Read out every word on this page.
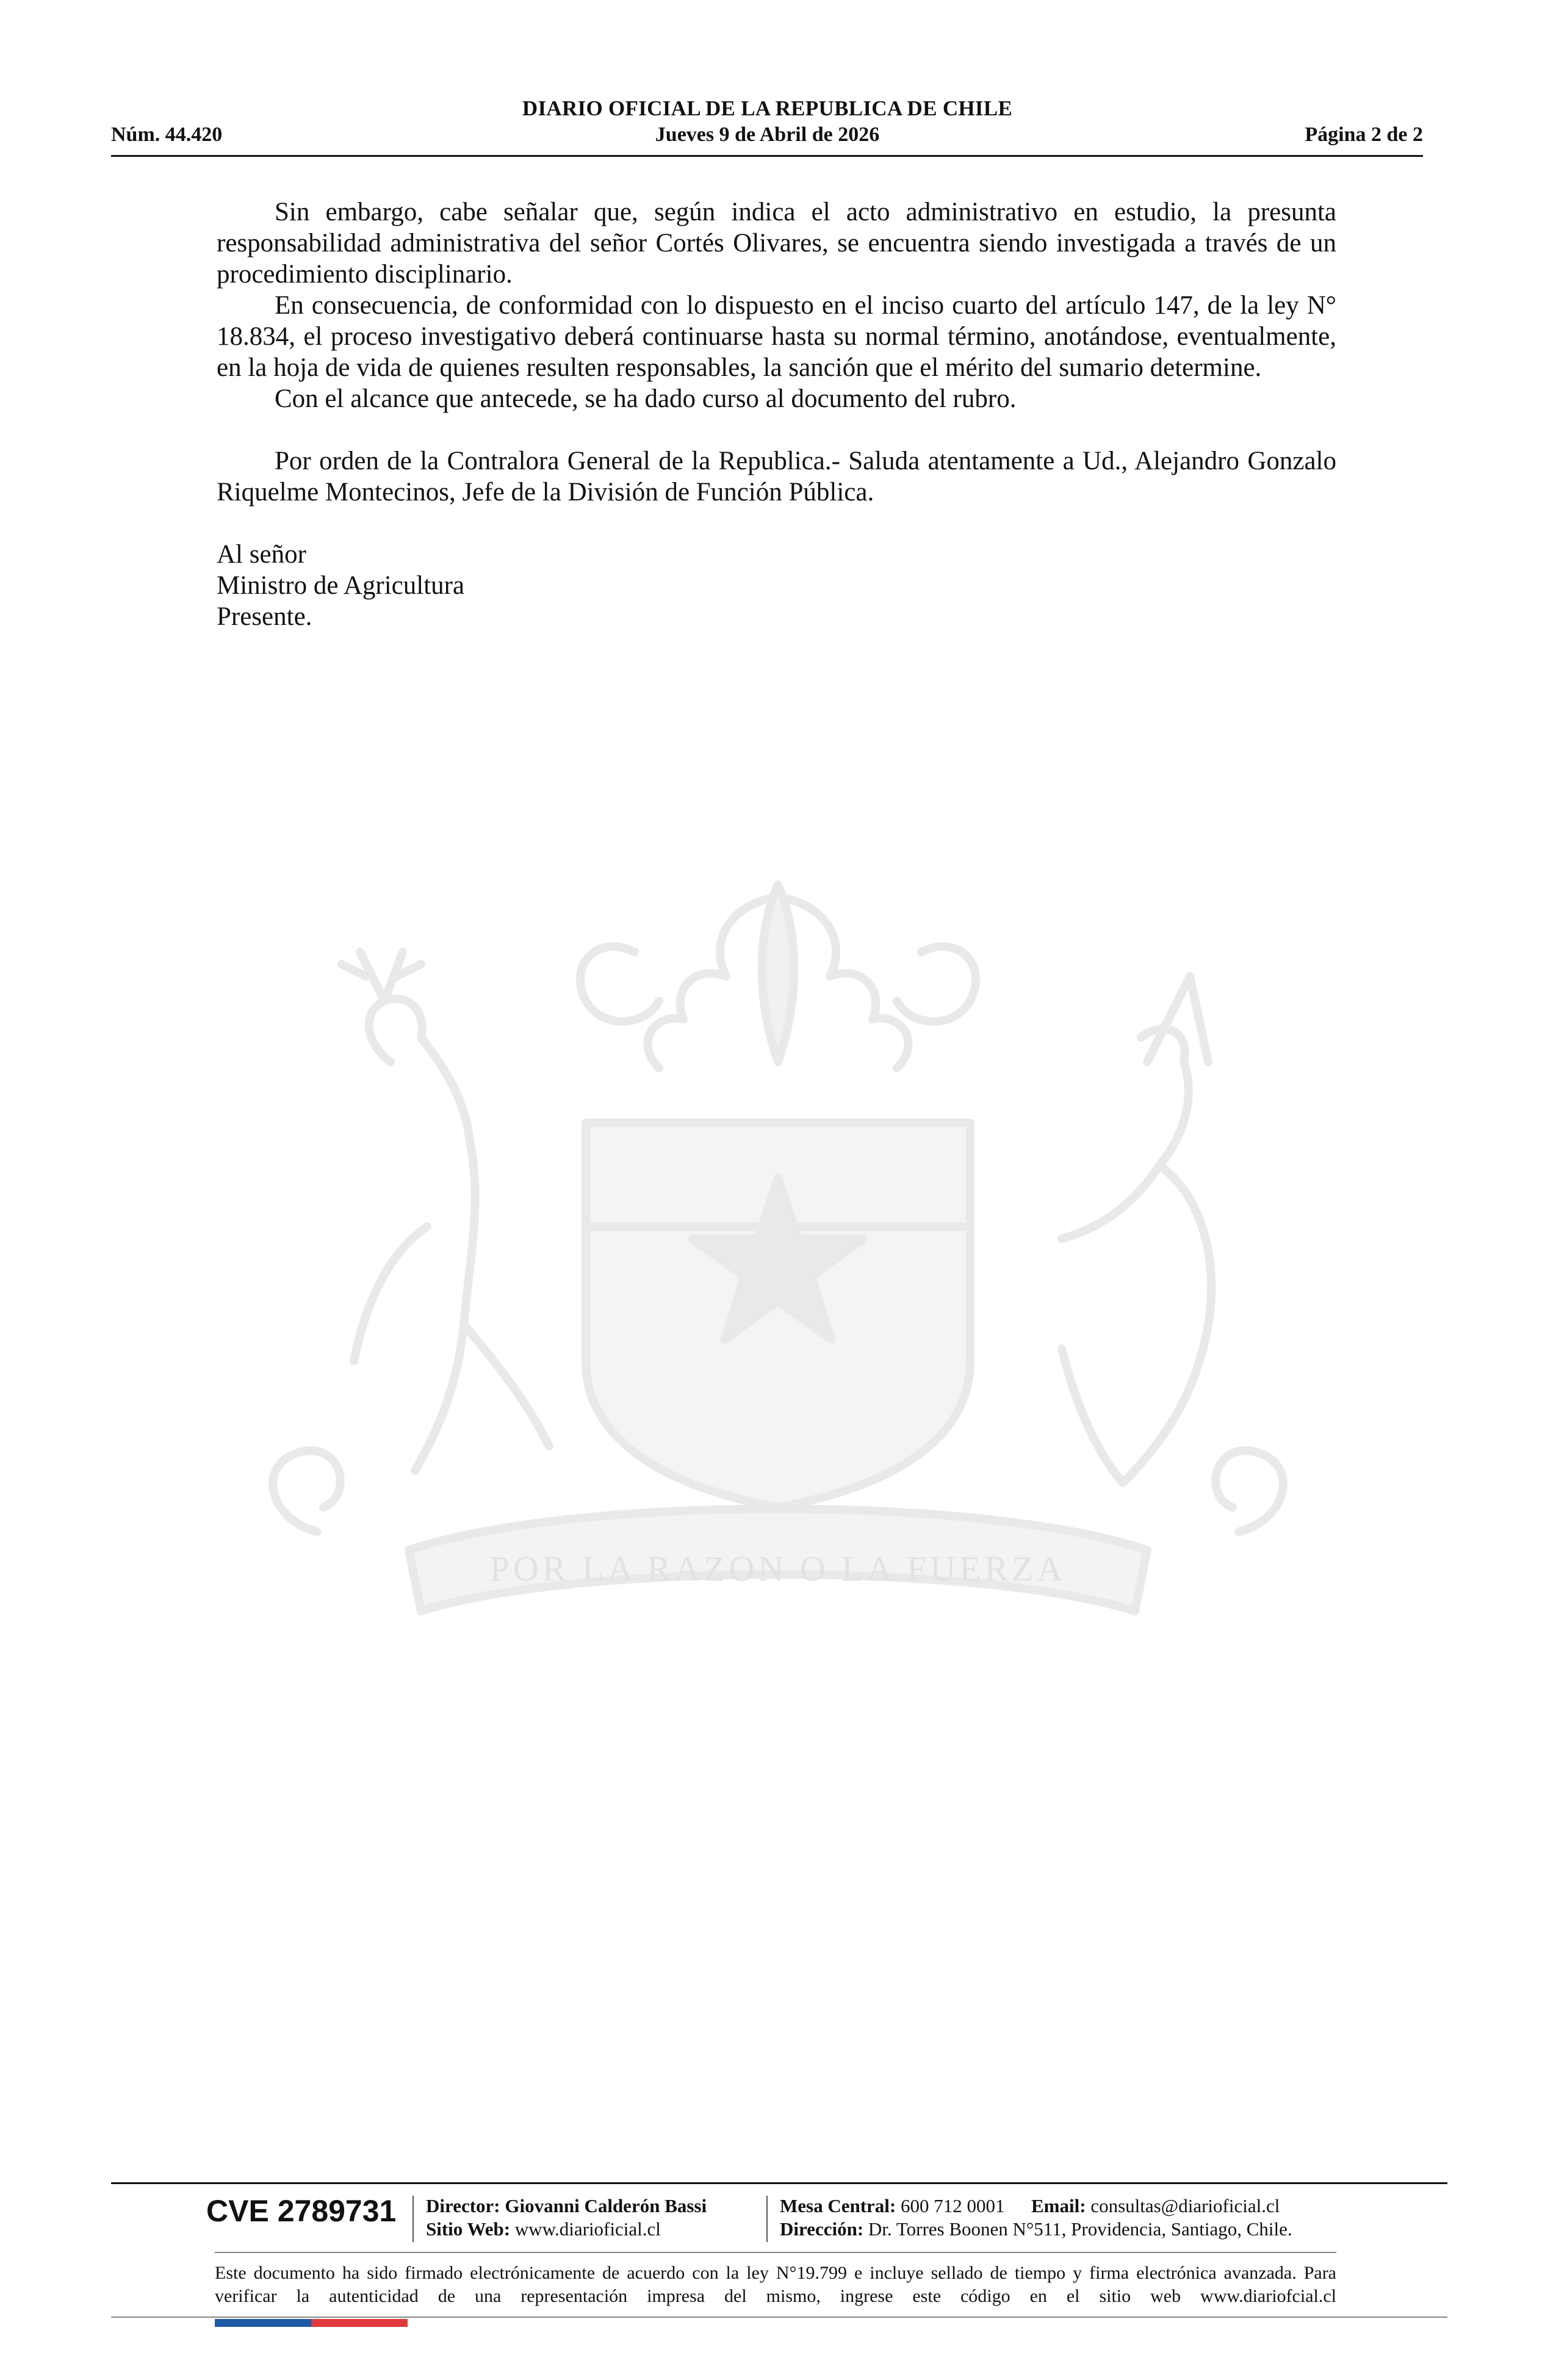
DIARIO OFICIAL DE LA REPUBLICA DE CHILE
Núm. 44.420	Página 2 de 2
Jueves 9 de Abril de 2026

Sin embargo, cabe señalar que, según indica el acto administrativo en estudio, la presunta responsabilidad administrativa del señor Cortés Olivares, se encuentra siendo investigada a través de un procedimiento disciplinario.

En consecuencia, de conformidad con lo dispuesto en el inciso cuarto del artículo 147, de la ley N° 18.834, el proceso investigativo deberá continuarse hasta su normal término, anotándose, eventualmente, en la hoja de vida de quienes resulten responsables, la sanción que el mérito del sumario determine.

Con el alcance que antecede, se ha dado curso al documento del rubro.

Por orden de la Contralora General de la Republica.- Saluda atentamente a Ud., Alejandro Gonzalo Riquelme Montecinos, Jefe de la División de Función Pública.

Al señor

Ministro de Agricultura

Presente.

POR LA RAZON O LA FUERZA
CVE 2789731 Director: Giovanni Calderón Bassi
Sitio Web: www.diarioficial.cl
Mesa Central: 600 712 0001 Email: consultas@diarioficial.cl
Dirección: Dr. Torres Boonen N°511, Providencia, Santiago, Chile.
Este documento ha sido firmado electrónicamente de acuerdo con la ley N°19.799 e incluye sellado de tiempo y firma electrónica avanzada. Para verificar la autenticidad de una representación impresa del mismo, ingrese este código en el sitio web www.diariofcial.cl
